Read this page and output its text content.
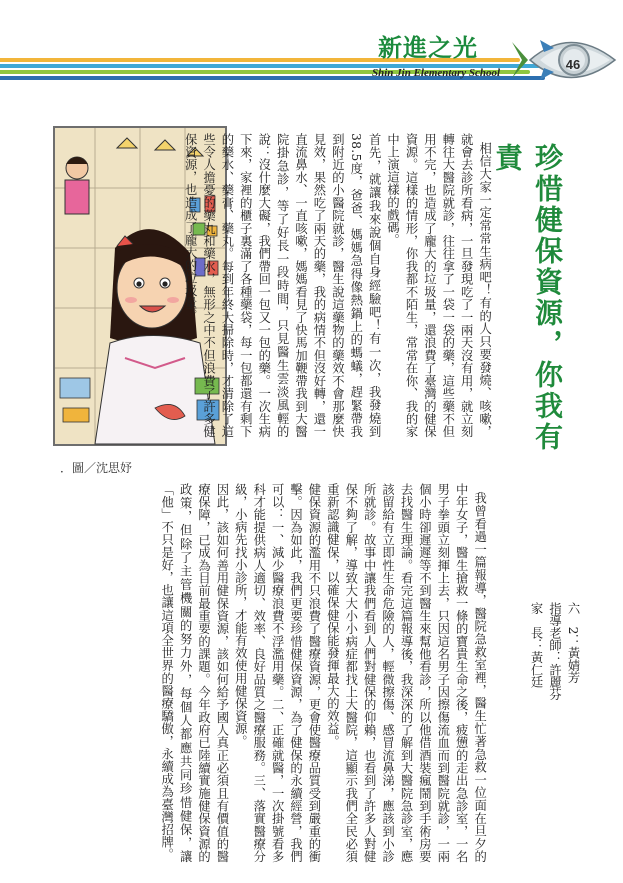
新進之光
Shin Jin Elementary School
46
珍惜健保資源，你我有責
．圖／沈思妤

相信大家一定常常生病吧！有的人只要發燒、咳嗽，就會去診所看病，一旦發現吃了一兩天沒有用，就立刻轉往大醫院就診，往往拿了一袋一袋的藥，這些藥不但用不完，也造成了龐大的垃圾量，還浪費了臺灣的健保資源。這樣的情形，你我都不陌生，常常在你、我的家中上演這樣的戲碼。
首先，就讓我來說個自身經驗吧！有一次，我發燒到38.5度，爸爸、媽媽急得像熱鍋上的螞蟻，趕緊帶我到附近的小醫院就診，醫生說這藥物的藥效不會那麼快見效，果然吃了兩天的藥，我的病情不但沒好轉，還一直流鼻水、一直咳嗽，媽媽看見了快馬加鞭帶我到大醫院掛急診，等了好長一段時間，只見醫生雲淡風輕的說：沒什麼大礙，我們帶回一包又一包的藥。一次生病下來，家裡的櫃子裏滿了各種藥袋，每一包都還有剩下的藥水、藥膏、藥丸。每到年終大掃除時，才清除了這些令人擔憂的藥丸和藥水，無形之中不但浪費了許多健保資源，也造成了龐大的垃圾量。

六　2：黃婧芳
指導老師：許麗芬
家　長：黃仁廷

我曾看過一篇報導，醫院急救室裡，醫生忙著急救一位面在旦夕的中年女子，醫生搶救一條的寶貴生命之後，疲憊的走出急診室，一名男子拳頭立刻揮上去，只因這名男子因擦傷流血而到醫院就診，一兩個小時卻遲遲等不到醫生來幫他看診，所以他借酒裝瘋鬧到手術房要去找醫生理論。看完這篇報導後，我深深的了解到大醫院急診室，應該留給有立即性生命危險的人，輕微擦傷、感冒流鼻涕，應該到小診所就診。故事中讓我們看到人們對健保的仰賴，也看到了許多人對健保不夠了解，導致大大小小病症都找上大醫院，這顯示我們全民必須重新認識健保，以確保健保能發揮最大的效益。
健保資源的濫用不只浪費了醫療資源，更會使醫療品質受到嚴重的衝擊。因為如此，我們更要珍惜健保資源，為了健保的永續經營，我們可以：一、減少醫療浪費不浮濫用藥。二、正確就醫，一次掛號看多科才能提供病人適切、效率、良好品質之醫療服務。三、落實醫療分級，小病先找小診所，才能有效使用健保資源。
因此，該如何善用健保資源，該如何給予國人真正必須且有價值的醫療保障，已成為目前最重要的課題。今年政府已陸續實施健保資源的政策，但除了主管機關的努力外，每個人都應共同珍惜健保，讓「他」不只是好，也讓這項全世界的醫療驕傲，永續成為臺灣招牌。
